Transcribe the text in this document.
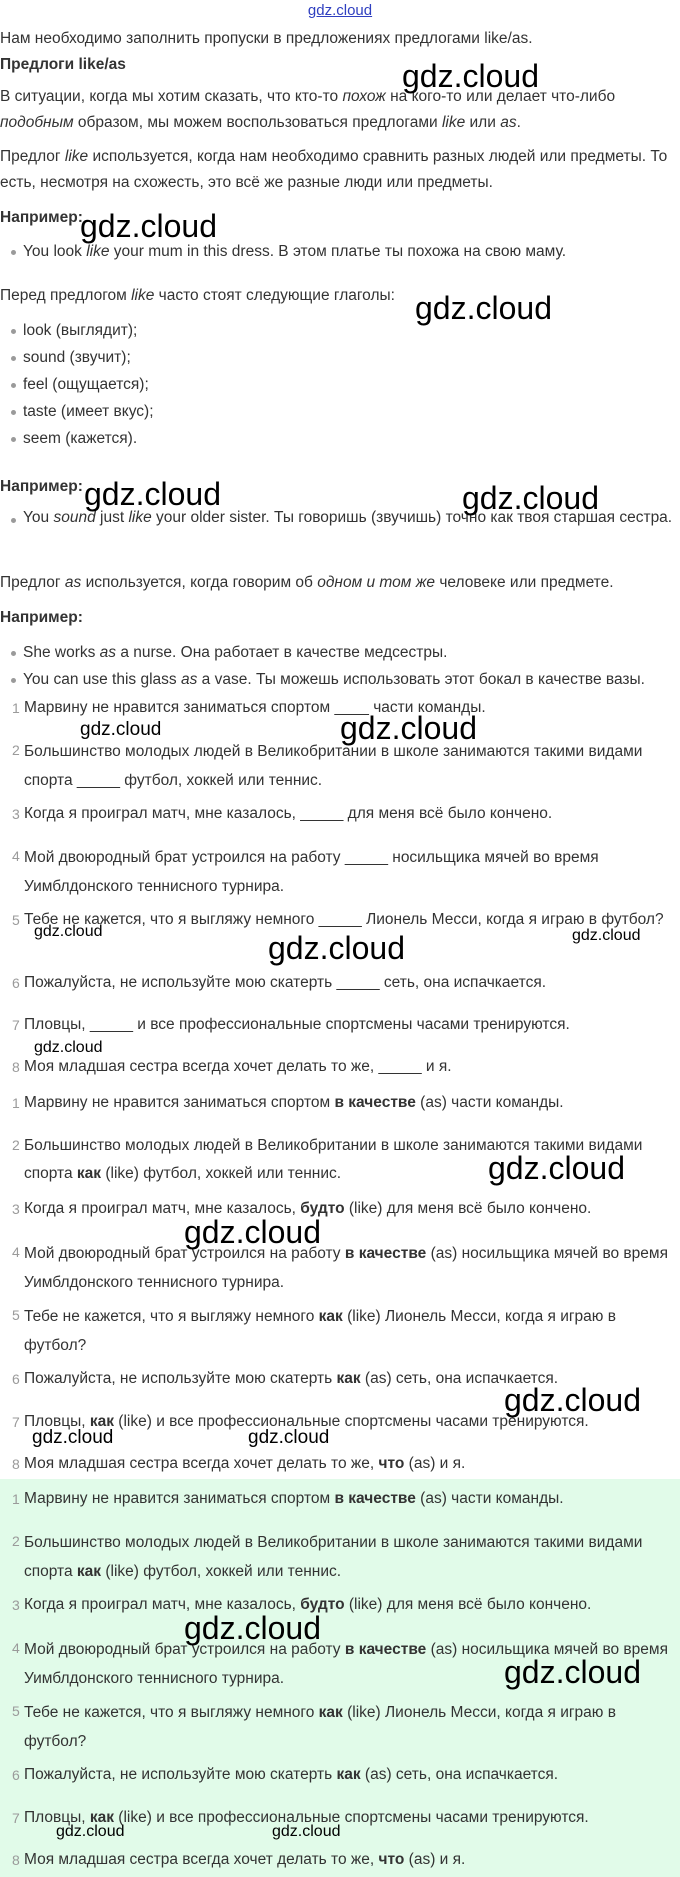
gdz.cloud

Нам необходимо заполнить пропуски в предложениях предлогами like/as.

Предлоги like/as

В ситуации, когда мы хотим сказать, что кто-то похож на кого-то или делает что-либо подобным образом, мы можем воспользоваться предлогами like или as.

Предлог like используется, когда нам необходимо сравнить разных людей или предметы. То есть, несмотря на схожесть, это всё же разные люди или предметы.

Например:

You look like your mum in this dress. В этом платье ты похожа на свою маму.

Перед предлогом like часто стоят следующие глаголы:

look (выглядит);
sound (звучит);
feel (ощущается);
taste (имеет вкус);
seem (кажется).

Например:

You sound just like your older sister. Ты говоришь (звучишь) точно как твоя старшая сестра.

Предлог as используется, когда говорим об одном и том же человеке или предмете.

Например:

She works as a nurse. Она работает в качестве медсестры.
You can use this glass as a vase. Ты можешь использовать этот бокал в качестве вазы.
1 Марвину не нравится заниматься спортом ____ части команды.
2 Большинство молодых людей в Великобритании в школе занимаются такими видами спорта _____ футбол, хоккей или теннис.
3 Когда я проиграл матч, мне казалось, _____ для меня всё было кончено.
4 Мой двоюродный брат устроился на работу _____ носильщика мячей во время Уимблдонского теннисного турнира.
5 Тебе не кажется, что я выгляжу немного _____ Лионель Месси, когда я играю в футбол?
6 Пожалуйста, не используйте мою скатерть _____ сеть, она испачкается.
7 Пловцы, _____ и все профессиональные спортсмены часами тренируются.
8 Моя младшая сестра всегда хочет делать то же, _____ и я.
1 Марвину не нравится заниматься спортом в качестве (as) части команды.
2 Большинство молодых людей в Великобритании в школе занимаются такими видами спорта как (like) футбол, хоккей или теннис.
3 Когда я проиграл матч, мне казалось, будто (like) для меня всё было кончено.
4 Мой двоюродный брат устроился на работу в качестве (as) носильщика мячей во время Уимблдонского теннисного турнира.
5 Тебе не кажется, что я выгляжу немного как (like) Лионель Месси, когда я играю в футбол?
6 Пожалуйста, не используйте мою скатерть как (as) сеть, она испачкается.
7 Пловцы, как (like) и все профессиональные спортсмены часами тренируются.
8 Моя младшая сестра всегда хочет делать то же, что (as) и я.
1 Марвину не нравится заниматься спортом в качестве (as) части команды.
2 Большинство молодых людей в Великобритании в школе занимаются такими видами спорта как (like) футбол, хоккей или теннис.
3 Когда я проиграл матч, мне казалось, будто (like) для меня всё было кончено.
4 Мой двоюродный брат устроился на работу в качестве (as) носильщика мячей во время Уимблдонского теннисного турнира.
5 Тебе не кажется, что я выгляжу немного как (like) Лионель Месси, когда я играю в футбол?
6 Пожалуйста, не используйте мою скатерть как (as) сеть, она испачкается.
7 Пловцы, как (like) и все профессиональные спортсмены часами тренируются.
8 Моя младшая сестра всегда хочет делать то же, что (as) и я.
gdz.cloud
gdz.cloud
gdz.cloud
gdz.cloud	gdz.cloud
gdz.cloud	gdz.cloud
gdz.cloud	gdz.cloud
gdz.cloud
gdz.cloud
gdz.cloud
gdz.cloud
gdz.cloud
gdz.cloud	gdz.cloud
gdz.cloud
gdz.cloud
gdz.cloud	gdz.cloud
